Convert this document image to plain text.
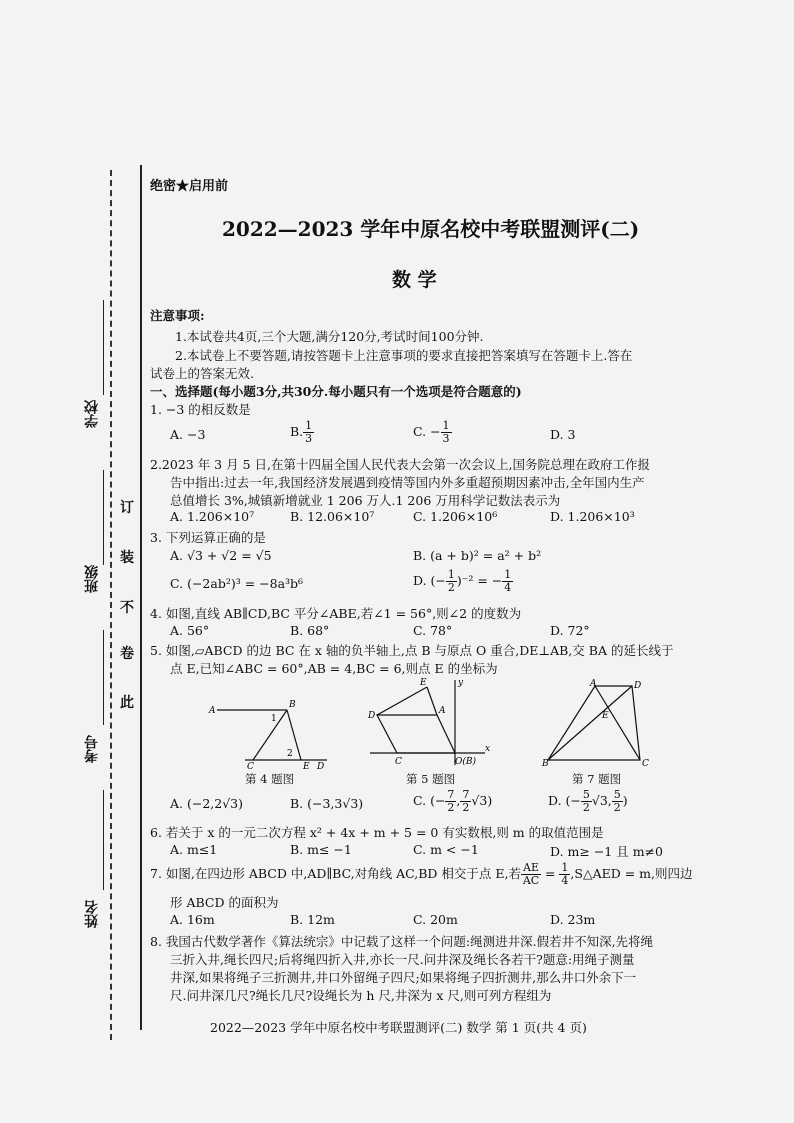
学校
班级
考号
姓名
订
装
不
卷
此
绝密★启用前
2022—2023 学年中原名校中考联盟测评(二)
数 学
注意事项:
1.本试卷共4页,三个大题,满分120分,考试时间100分钟.
2.本试卷上不要答题,请按答题卡上注意事项的要求直接把答案填写在答题卡上.答在
试卷上的答案无效.
一、选择题(每小题3分,共30分.每小题只有一个选项是符合题意的)
1. −3 的相反数是
A. −3	B. $\frac{1}{3}$	C. − $\frac{1}{3}$	D. 3
2.2023 年 3 月 5 日,在第十四届全国人民代表大会第一次会议上,国务院总理在政府工作报
告中指出:过去一年,我国经济发展遇到疫情等国内外多重超预期因素冲击,全年国内生产
总值增长 3%,城镇新增就业 1 206 万人.1 206 万用科学记数法表示为
A. 1.206×10⁷	B. 12.06×10⁷	C. 1.206×10⁶	D. 1.206×10³
3. 下列运算正确的是
A. √3 + √2 = √5	B. (a + b)² = a² + b²
C. (−2ab²)³ = −8a³b⁶	D. (− $\frac{1}{2} )^{-2}$ = − $\frac{1}{4}$
4. 如图,直线 AB∥CD,BC 平分∠ABE,若∠1 = 56°,则∠2 的度数为
A. 56°	B. 68°	C. 78°	D. 72°
5. 如图,▱ABCD 的边 BC 在 x 轴的负半轴上,点 B 与原点 O 重合,DE⊥AB,交 BA 的延长线于
点 E,已知∠ABC = 60°,AB = 4,BC = 6,则点 E 的坐标为
A
B
1
2
C	E D
第 4 题图
E
D	A
C	O(B)
y
x
第 5 题图
A	D
E
B	C
第 7 题图
A. (−2,2√3)	B. (−3,3√3)	C. (− $\frac{7}{2}$ , $\frac{7}{2} √3$)	D. (− $\frac{5}{2} √3$, $\frac{5}{2}$ )
6. 若关于 x 的一元二次方程 x² + 4x + m + 5 = 0 有实数根,则 m 的取值范围是
A. m≤1	B. m≤ −1	C. m < −1	D. m≥ −1 且 m≠0
7. 如图,在四边形 ABCD 中,AD∥BC,对角线 AC,BD 相交于点 E,若 $\frac{AE}{AC} = \frac{1}{4}$ ,S△AED = m,则四边
形 ABCD 的面积为
A. 16m	B. 12m	C. 20m	D. 23m
8. 我国古代数学著作《算法统宗》中记载了这样一个问题:绳测进井深.假若井不知深,先将绳
三折入井,绳长四尺;后将绳四折入井,亦长一尺.问井深及绳长各若干?题意:用绳子测量
井深,如果将绳子三折测井,井口外留绳子四尺;如果将绳子四折测井,那么井口外余下一
尺.问井深几尺?绳长几尺?设绳长为 h 尺,井深为 x 尺,则可列方程组为
2022—2023 学年中原名校中考联盟测评(二) 数学 第 1 页(共 4 页)
